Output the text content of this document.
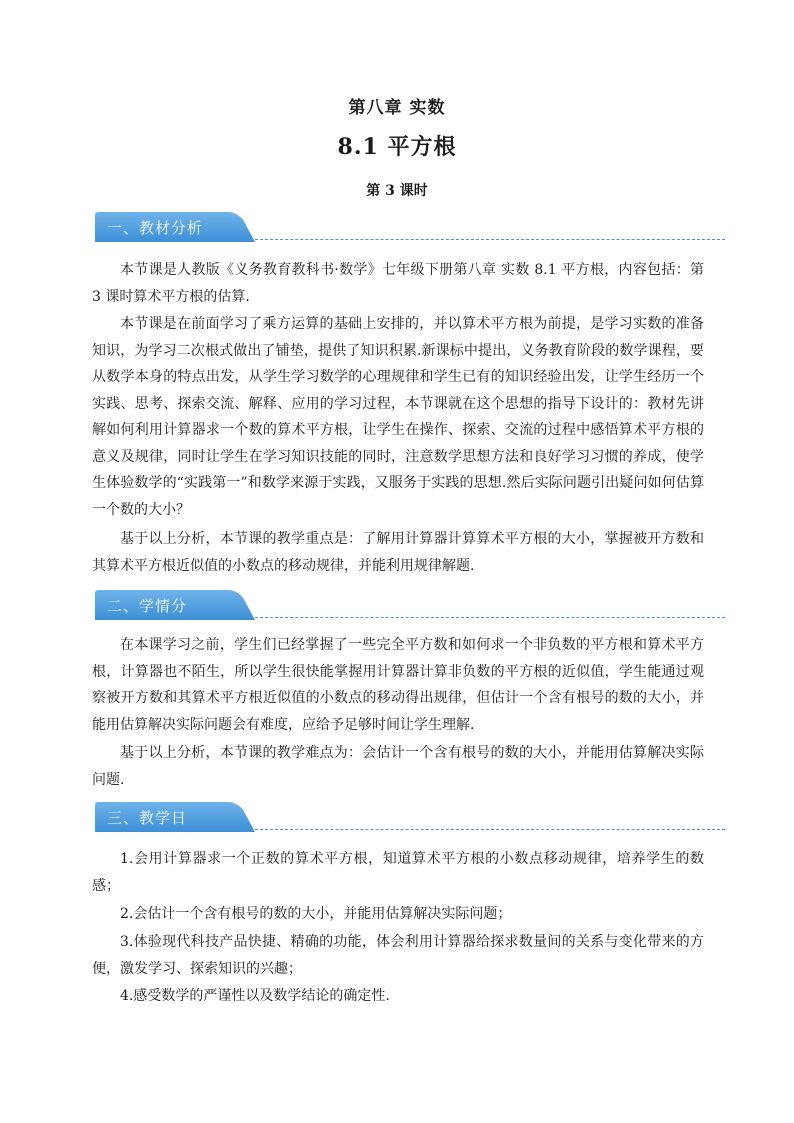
第八章 实数
8.1 平方根
第 3 课时
一、教材分析

本节课是人教版《义务教育教科书·数学》七年级下册第八章 实数 8.1 平方根，内容包括：第 3 课时算术平方根的估算.

本节课是在前面学习了乘方运算的基础上安排的，并以算术平方根为前提，是学习实数的准备知识，为学习二次根式做出了铺垫，提供了知识积累.新课标中提出，义务教育阶段的数学课程，要从数学本身的特点出发，从学生学习数学的心理规律和学生已有的知识经验出发，让学生经历一个实践、思考、探索交流、解释、应用的学习过程，本节课就在这个思想的指导下设计的：教材先讲解如何利用计算器求一个数的算术平方根，让学生在操作、探索、交流的过程中感悟算术平方根的意义及规律，同时让学生在学习知识技能的同时，注意数学思想方法和良好学习习惯的养成，使学生体验数学的“实践第一”和数学来源于实践，又服务于实践的思想.然后实际问题引出疑问如何估算一个数的大小？

基于以上分析，本节课的教学重点是：了解用计算器计算算术平方根的大小，掌握被开方数和其算术平方根近似值的小数点的移动规律，并能利用规律解题.

二、学情分

在本课学习之前，学生们已经掌握了一些完全平方数和如何求一个非负数的平方根和算术平方根，计算器也不陌生，所以学生很快能掌握用计算器计算非负数的平方根的近似值，学生能通过观察被开方数和其算术平方根近似值的小数点的移动得出规律，但估计一个含有根号的数的大小，并能用估算解决实际问题会有难度，应给予足够时间让学生理解.

基于以上分析，本节课的教学难点为：会估计一个含有根号的数的大小，并能用估算解决实际问题.

三、教学日

1.会用计算器求一个正数的算术平方根，知道算术平方根的小数点移动规律，培养学生的数感；

2.会估计一个含有根号的数的大小，并能用估算解决实际问题；

3.体验现代科技产品快捷、精确的功能，体会利用计算器给探求数量间的关系与变化带来的方便，激发学习、探索知识的兴趣；

4.感受数学的严谨性以及数学结论的确定性.
